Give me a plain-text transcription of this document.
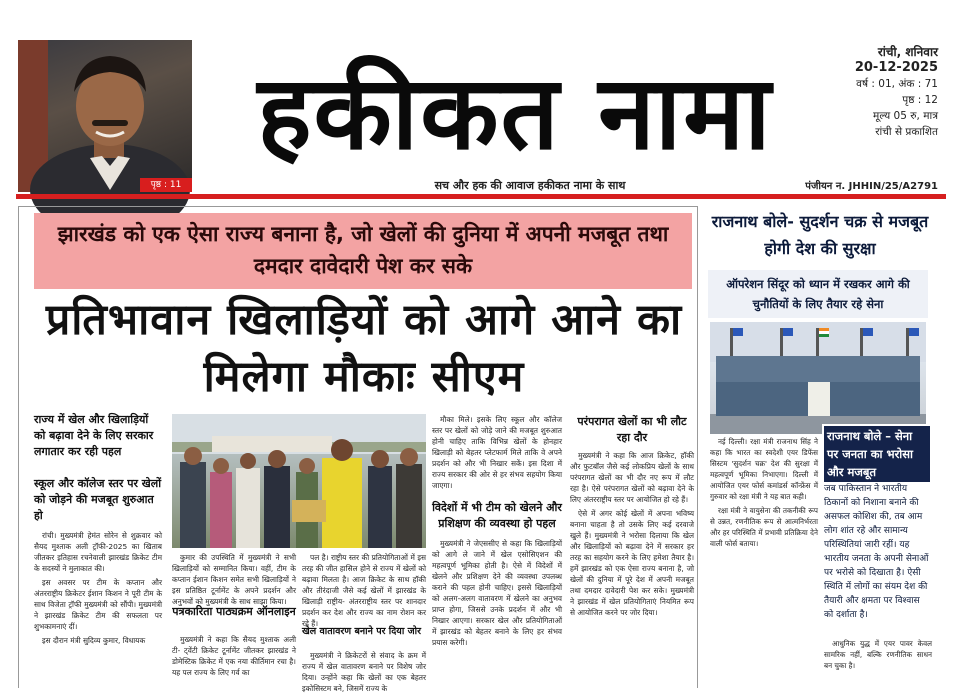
पृष्ठ : 11
हकीकत नामा
सच और हक की आवाज हकीकत नामा के साथ
रांची, शनिवार
20-12-2025
वर्ष : 01, अंक : 71
पृष्ठ : 12
मूल्य 05 रु, मात्र
रांची से प्रकाशित
पंजीयन न. JHHIN/25/A2791
झारखंड को एक ऐसा राज्य बनाना है, जो खेलों की दुनिया में अपनी मजबूत तथा दमदार दावेदारी पेश कर सके
प्रतिभावान खिलाड़ियों को आगे आने का मिलेगा मौकाः सीएम
राज्य में खेल और खिलाड़ियों को बढ़ावा देने के लिए सरकार लगातार कर रही पहल
स्कूल और कॉलेज स्तर पर खेलों को जोड़ने की मजबूत शुरुआत हो

रांची। मुख्यमंत्री हेमंत सोरेन से शुक्रवार को सैयद मुश्ताक अली ट्रॉफी-2025 का खिताब जीतकर इतिहास रचनेवाली झारखंड क्रिकेट टीम के सदस्यों ने मुलाकात की।

इस अवसर पर टीम के कप्तान और अंतरराष्ट्रीय क्रिकेटर ईशान किशन ने पूरी टीम के साथ विजेता ट्रॉफी मुख्यमंत्री को सौंपी। मुख्यमंत्री ने झारखंड क्रिकेट टीम की सफलता पर शुभकामनाएं दीं।

इस दौरान मंत्री सुदिव्य कुमार, विधायक

कुमार की उपस्थिति में मुख्यमंत्री ने सभी खिलाड़ियों को सम्मानित किया। वहीं, टीम के कप्तान ईशान किशन समेत सभी खिलाड़ियों ने इस प्रतिष्ठित टूर्नामेंट के अपने प्रदर्शन और अनुभवों को मुख्यमंत्री के साथ साझा किया।

मुख्यमंत्री ने कहा कि सैयद मुश्ताक अली टी- ट्वेंटी क्रिकेट टूर्नामेंट जीतकर झारखंड ने डोमेस्टिक क्रिकेट में एक नया कीर्तिमान रचा है। यह पल राज्य के लिए गर्व का

पत्रकारिता पाठ्यक्रम ऑनलाइन

पल है। राष्ट्रीय स्तर की प्रतियोगिताओं में इस तरह की जीत हासिल होने से राज्य में खेलों को बढ़ावा मिलता है। आज क्रिकेट के साथ हॉकी और तीरंदाजी जैसे कई खेलों में झारखंड के खिलाड़ी राष्ट्रीय- अंतरराष्ट्रीय स्तर पर शानदार प्रदर्शन कर देश और राज्य का नाम रोशन कर रहे हैं।

मुख्यमंत्री ने क्रिकेटरों से संवाद के क्रम में राज्य में खेल वातावरण बनाने पर विशेष जोर दिया। उन्होंने कहा कि खेलों का एक बेहतर इकोसिस्टम बने, जिसमें राज्य के

खेल वातावरण बनाने पर दिया जोर

मौका मिले। इसके लिए स्कूल और कॉलेज स्तर पर खेलों को जोड़े जाने की मजबूत शुरुआत होनी चाहिए ताकि विभिन्न खेलों के होनहार खिलाड़ी को बेहतर प्लेटफार्म मिले ताकि वे अपने प्रदर्शन को और भी निखार सकें। इस दिशा में राज्य सरकार की ओर से हर संभव सहयोग किया जाएगा।

विदेशों में भी टीम को खेलने और प्रशिक्षण की व्यवस्था हो पहल

मुख्यमंत्री ने जेएससीए से कहा कि खिलाड़ियों को आगे ले जाने में खेल एसोसिएशन की महत्वपूर्ण भूमिका होती है। ऐसे में विदेशों में खेलने और प्रशिक्षण देने की व्यवस्था उपलब्ध कराने की पहल होनी चाहिए। इससे खिलाड़ियों को अलग-अलग वातावरण में खेलने का अनुभव प्राप्त होगा, जिससे उनके प्रदर्शन में और भी निखार आएगा। सरकार खेल और प्रतियोगिताओं में झारखंड को बेहतर बनाने के लिए हर संभव प्रयास करेगी।

परंपरागत खेलों का भी लौट रहा दौर

मुख्यमंत्री ने कहा कि आज क्रिकेट, हॉकी और फुटबॉल जैसे कई लोकप्रिय खेलों के साथ परंपरागत खेलों का भी दौर नए रूप में लौट रहा है। ऐसे परंपरागत खेलों को बढ़ावा देने के लिए अंतरराष्ट्रीय स्तर पर आयोजित हो रहे हैं।

ऐसे में अगर कोई खेलों में अपना भविष्य बनाना चाहता है तो उसके लिए कई दरवाजे खुले हैं। मुख्यमंत्री ने भरोसा दिलाया कि खेल और खिलाड़ियों को बढ़ावा देने में सरकार हर तरह का सहयोग करने के लिए हमेशा तैयार है। हमें झारखंड को एक ऐसा राज्य बनाना है, जो खेलों की दुनिया में पूरे देश में अपनी मजबूत तथा दमदार दावेदारी पेश कर सके। मुख्यमंत्री ने झारखंड में खेल प्रतियोगिताएं नियमित रूप से आयोजित करने पर जोर दिया।

राजनाथ बोले- सुदर्शन चक्र से मजबूत होगी देश की सुरक्षा
ऑपरेशन सिंदूर को ध्यान में रखकर आगे की चुनौतियों के लिए तैयार रहे सेना

नई दिल्ली। रक्षा मंत्री राजनाथ सिंह ने कहा कि भारत का स्वदेशी एयर डिफेंस सिस्टम 'सुदर्शन चक्र' देश की सुरक्षा में महत्वपूर्ण भूमिका निभाएगा। दिल्ली में आयोजित एयर फोर्स कमांडर्स कॉन्फ्रेंस में गुरुवार को रक्षा मंत्री ने यह बात कही।

रक्षा मंत्री ने वायुसेना की तकनीकी रूप से उन्नत, रणनीतिक रूप से आत्मनिर्भरता और हर परिस्थिति में प्रभावी प्रतिक्रिया देने वाली फोर्स बताया।

राजनाथ बोले – सेना पर जनता का भरोसा और मजबूत
जब पाकिस्तान ने भारतीय ठिकानों को निशाना बनाने की असफल कोशिश की, तब आम लोग शांत रहे और सामान्य परिस्थितियां जारी रहीं। यह भारतीय जनता के अपनी सेनाओं पर भरोसे को दिखाता है। ऐसी स्थिति में लोगों का संयम देश की तैयारी और क्षमता पर विश्वास को दर्शाता है।

आधुनिक युद्ध में एयर पावर केवल सामरिक नहीं, बल्कि रणनीतिक साधन बन चुका है।
